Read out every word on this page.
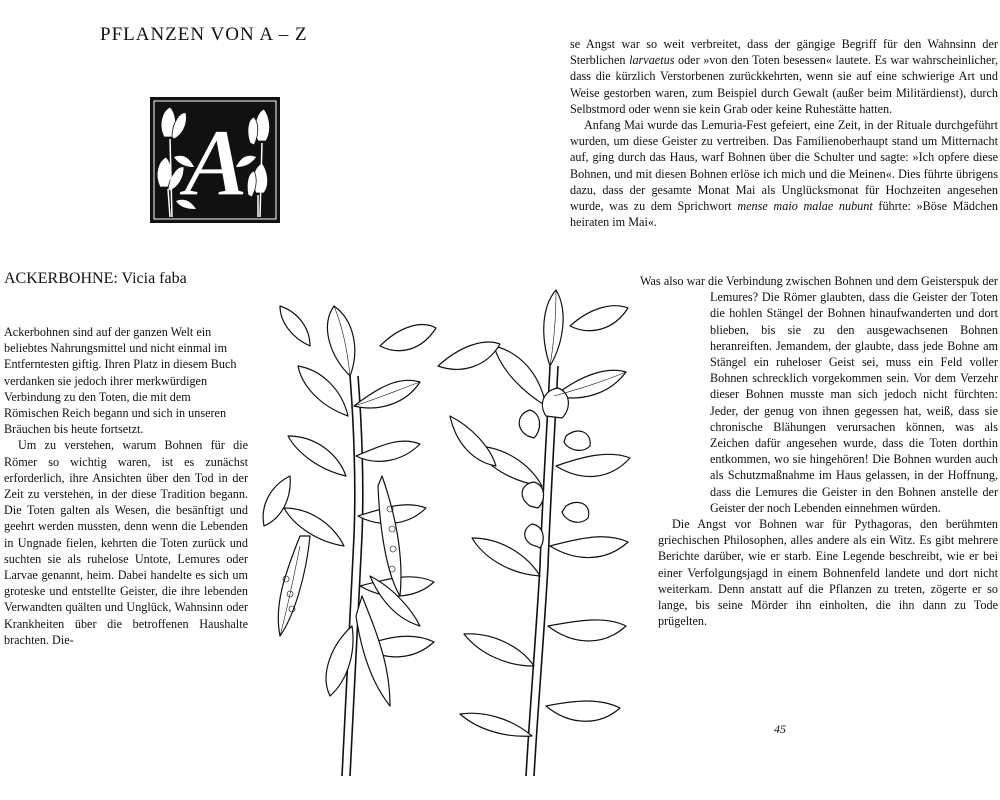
PFLANZEN VON A – Z
A
ACKERBOHNE: Vicia faba

Ackerbohnen sind auf der ganzen Welt ein beliebtes Nahrungsmittel und nicht einmal im Entferntesten giftig. Ihren Platz in diesem Buch verdanken sie jedoch ihrer merkwürdigen Verbindung zu den Toten, die mit dem Römischen Reich begann und sich in unseren Bräuchen bis heute fortsetzt.

Um zu verstehen, warum Bohnen für die Römer so wichtig waren, ist es zunächst erforderlich, ihre Ansichten über den Tod in der Zeit zu verstehen, in der diese Tradition begann. Die Toten galten als Wesen, die besänftigt und geehrt werden mussten, denn wenn die Lebenden in Ungnade fielen, kehrten die Toten zurück und suchten sie als ruhelose Untote, Lemures oder Larvae genannt, heim. Dabei handelte es sich um groteske und entstellte Geister, die ihre lebenden Verwandten quälten und Unglück, Wahnsinn oder Krankheiten über die betroffenen Haushalte brachten. Die-

se Angst war so weit verbreitet, dass der gängige Begriff für den Wahnsinn der Sterblichen larvaetus oder »von den Toten besessen« lautete. Es war wahrscheinlicher, dass die kürzlich Verstorbenen zurückkehrten, wenn sie auf eine schwierige Art und Weise gestorben waren, zum Beispiel durch Gewalt (außer beim Militärdienst), durch Selbstmord oder wenn sie kein Grab oder keine Ruhestätte hatten.

Anfang Mai wurde das Lemuria-Fest gefeiert, eine Zeit, in der Rituale durchgeführt wurden, um diese Geister zu vertreiben. Das Familienoberhaupt stand um Mitternacht auf, ging durch das Haus, warf Bohnen über die Schulter und sagte: »Ich opfere diese Bohnen, und mit diesen Bohnen erlöse ich mich und die Meinen«. Dies führte übrigens dazu, dass der gesamte Monat Mai als Unglücksmonat für Hochzeiten angesehen wurde, was zu dem Sprichwort mense maio malae nubunt führte: »Böse Mädchen heiraten im Mai«.

Was also war die Verbindung zwischen Bohnen und dem Geisterspuk der Lemures? Die Römer glaubten, dass die Geister der Toten die hohlen Stängel der Bohnen hinaufwanderten und dort blieben, bis sie zu den ausgewachsenen Bohnen heranreiften. Jemandem, der glaubte, dass jede Bohne am Stängel ein ruheloser Geist sei, muss ein Feld voller Bohnen schrecklich vorgekommen sein. Vor dem Verzehr dieser Bohnen musste man sich jedoch nicht fürchten: Jeder, der genug von ihnen gegessen hat, weiß, dass sie chronische Blähungen verursachen können, was als Zeichen dafür angesehen wurde, dass die Toten dorthin entkommen, wo sie hingehören! Die Bohnen wurden auch als Schutzmaßnahme im Haus gelassen, in der Hoffnung, dass die Lemures die Geister in den Bohnen anstelle der Geister der noch Lebenden einnehmen würden.

Die Angst vor Bohnen war für Pythagoras, den berühmten griechischen Philosophen, alles andere als ein Witz. Es gibt mehrere Berichte darüber, wie er starb. Eine Legende beschreibt, wie er bei einer Verfolgungsjagd in einem Bohnenfeld landete und dort nicht weiterkam. Denn anstatt auf die Pflanzen zu treten, zögerte er so lange, bis seine Mörder ihn einholten, die ihn dann zu Tode prügelten.

45
